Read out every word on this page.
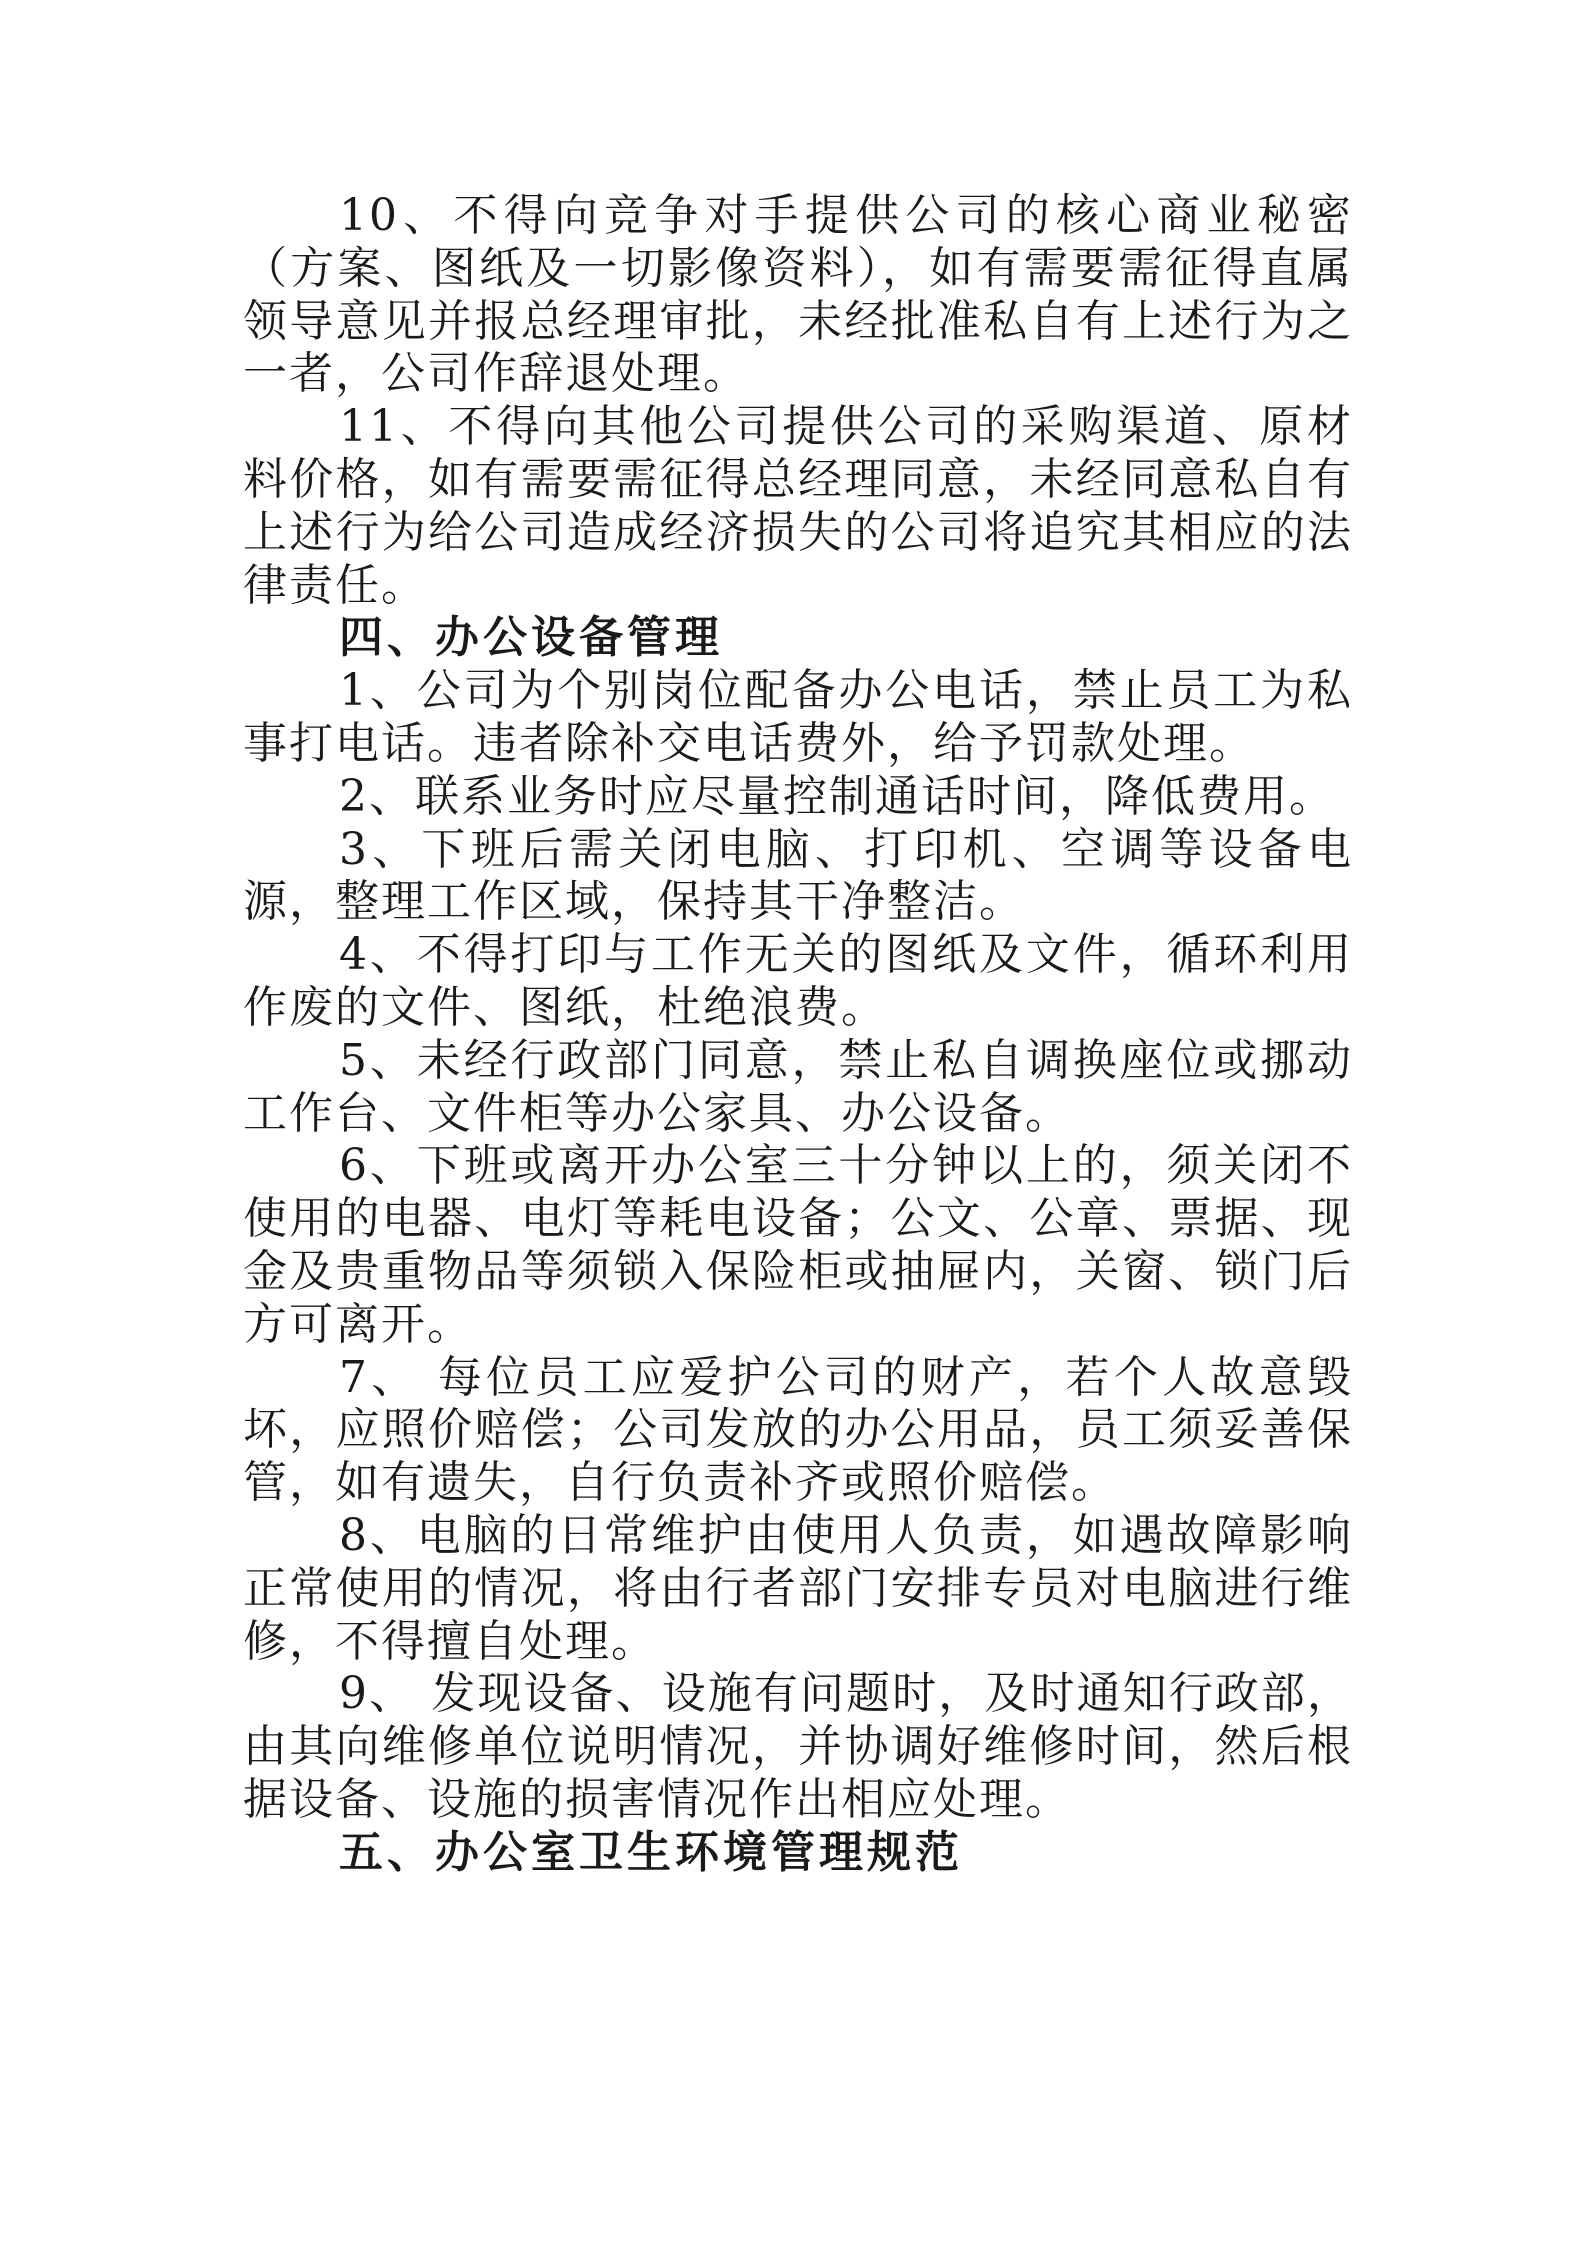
10、不得向竞争对手提供公司的核心商业秘密（方案、图纸及一切影像资料），如有需要需征得直属领导意见并报总经理审批，未经批准私自有上述行为之一者，公司作辞退处理。

11、不得向其他公司提供公司的采购渠道、原材料价格，如有需要需征得总经理同意，未经同意私自有上述行为给公司造成经济损失的公司将追究其相应的法律责任。

四、办公设备管理

1、公司为个别岗位配备办公电话，禁止员工为私事打电话。违者除补交电话费外，给予罚款处理。

2、联系业务时应尽量控制通话时间，降低费用。

3、下班后需关闭电脑、打印机、空调等设备电源，整理工作区域，保持其干净整洁。

4、不得打印与工作无关的图纸及文件，循环利用作废的文件、图纸，杜绝浪费。

5、未经行政部门同意，禁止私自调换座位或挪动工作台、文件柜等办公家具、办公设备。

6、下班或离开办公室三十分钟以上的，须关闭不使用的电器、电灯等耗电设备；公文、公章、票据、现金及贵重物品等须锁入保险柜或抽屉内，关窗、锁门后方可离开。

7、 每位员工应爱护公司的财产，若个人故意毁坏，应照价赔偿；公司发放的办公用品，员工须妥善保管，如有遗失，自行负责补齐或照价赔偿。

8、电脑的日常维护由使用人负责，如遇故障影响正常使用的情况，将由行者部门安排专员对电脑进行维修，不得擅自处理。

9、 发现设备、设施有问题时，及时通知行政部，由其向维修单位说明情况，并协调好维修时间，然后根据设备、设施的损害情况作出相应处理。

五、办公室卫生环境管理规范
